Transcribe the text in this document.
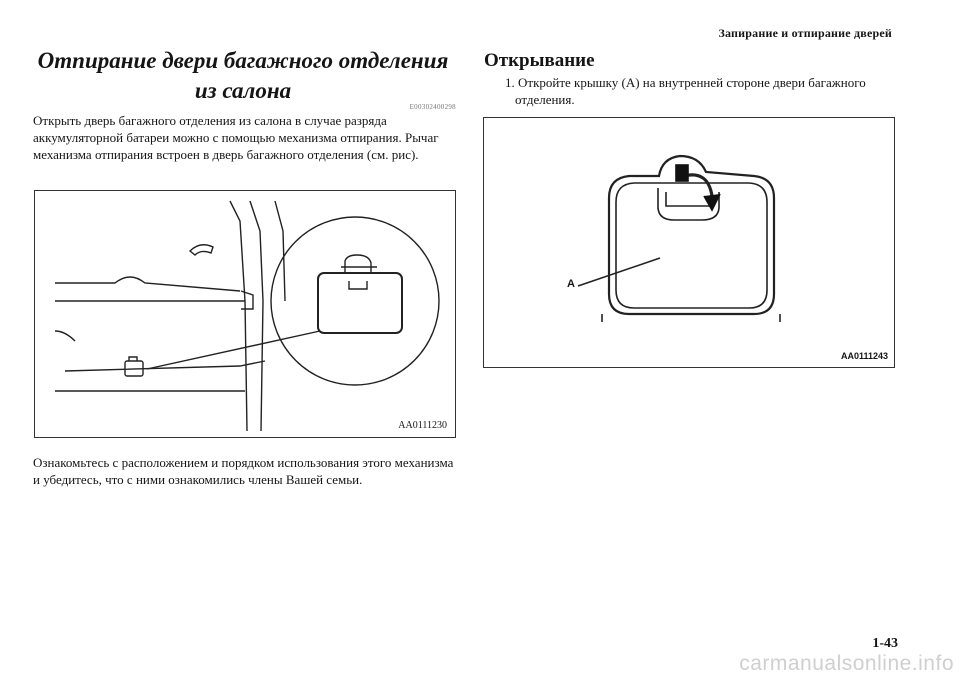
Запирание и отпирание дверей
Отпирание двери багажного отделения
из салона
E00302400298
Открыть дверь багажного отделения из салона в случае разряда аккумуляторной батареи можно с помощью механизма отпирания. Рычаг механизма отпирания встроен в дверь багажного отделения (см. рис).
AA0111230
Ознакомьтесь с расположением и порядком использования этого механизма и убедитесь, что с ними ознакомились члены Вашей семьи.
Открывание
1. Откройте крышку (А) на внутренней стороне двери багажного отделения.
A
AA0111243
1-43
carmanualsonline.info
